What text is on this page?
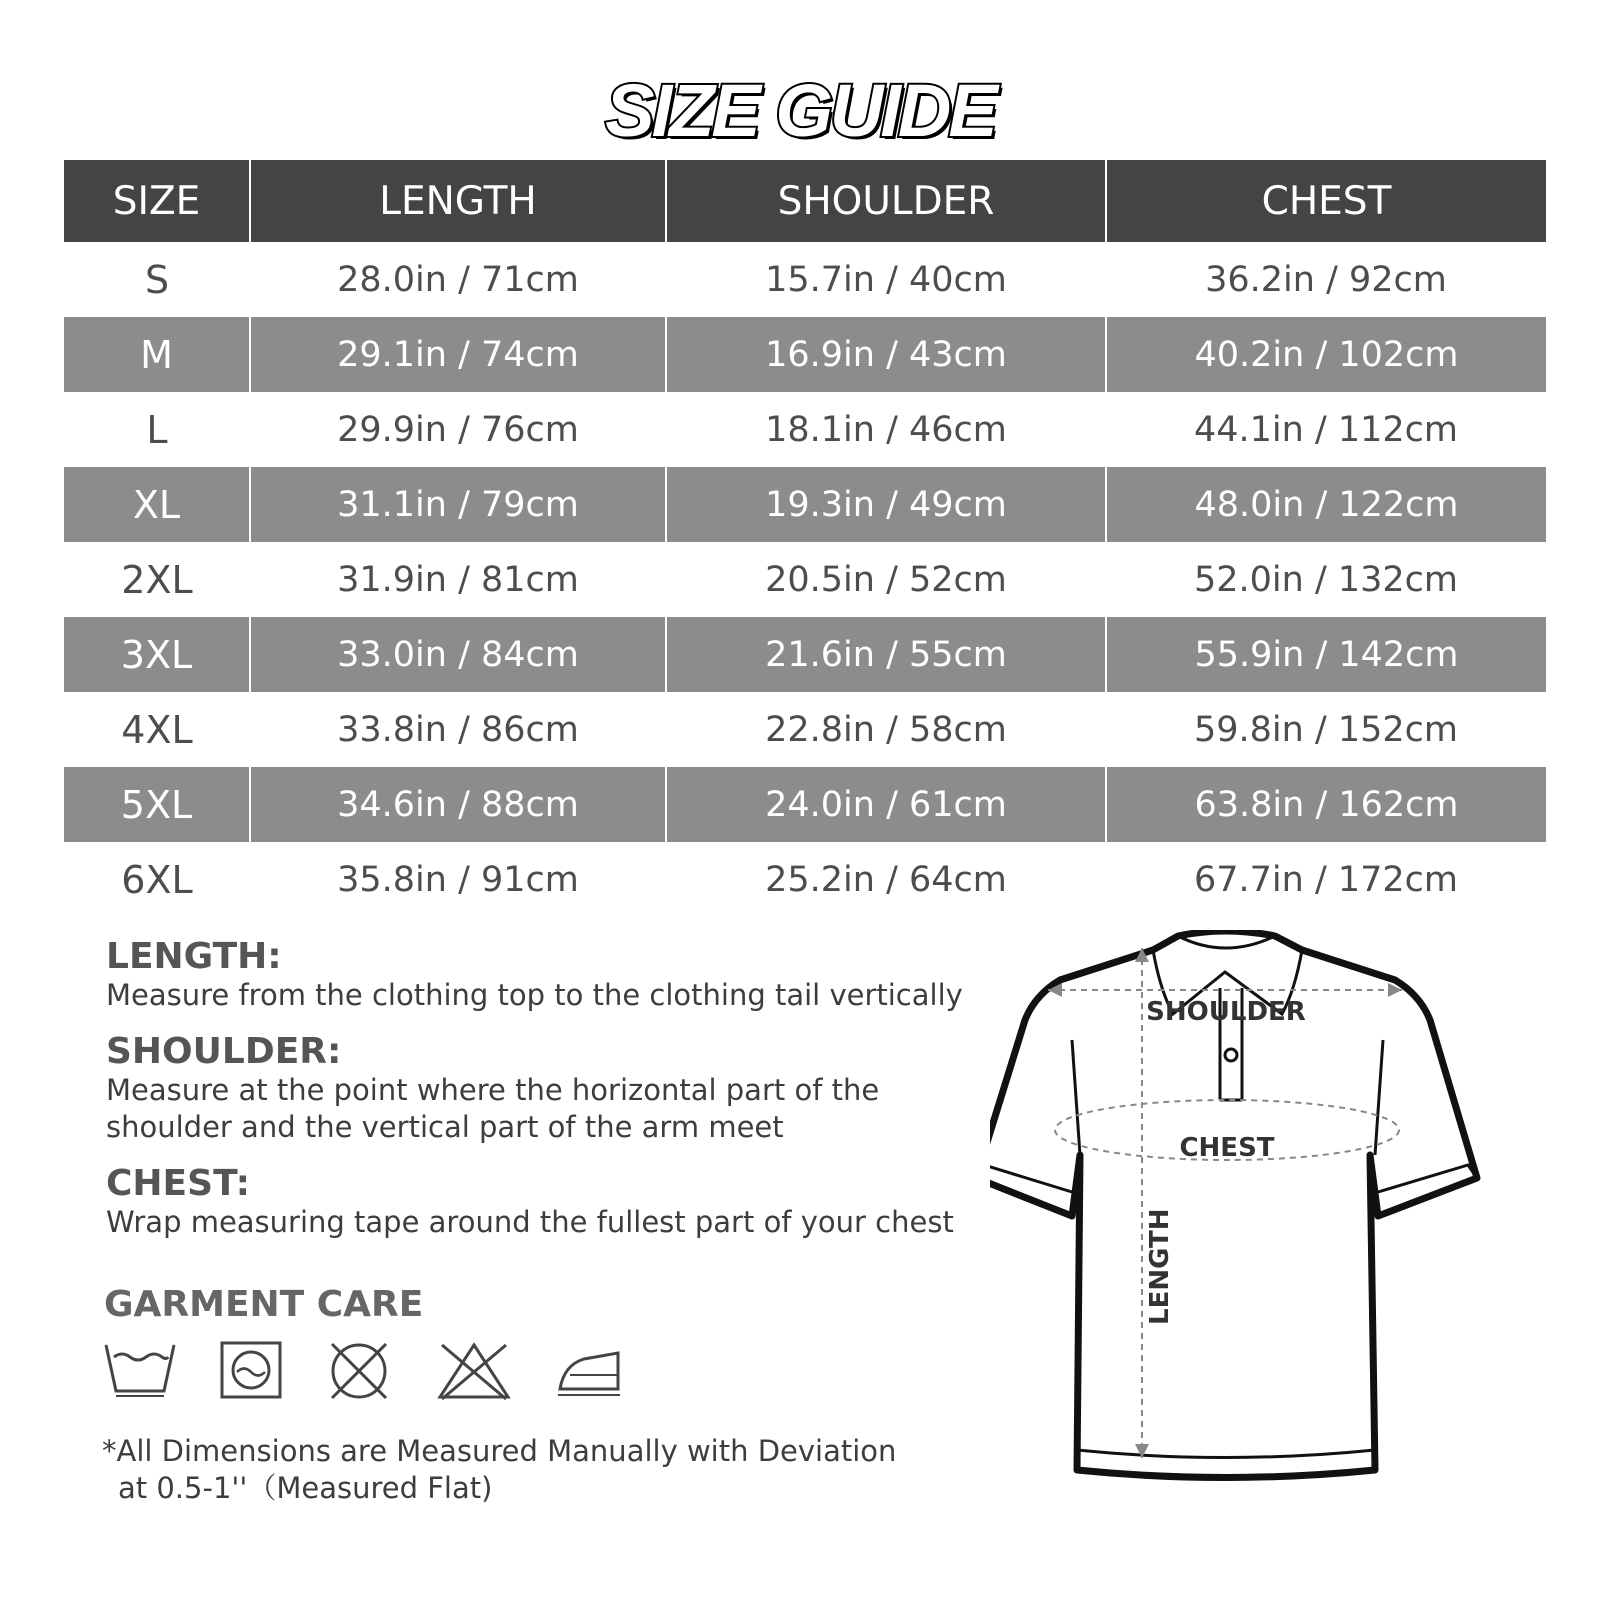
SIZE GUIDE
SIZE	LENGTH	SHOULDER	CHEST
S	28.0in / 71cm	15.7in / 40cm	36.2in / 92cm
M	29.1in / 74cm	16.9in / 43cm	40.2in / 102cm
L	29.9in / 76cm	18.1in / 46cm	44.1in / 112cm
XL	31.1in / 79cm	19.3in / 49cm	48.0in / 122cm
2XL	31.9in / 81cm	20.5in / 52cm	52.0in / 132cm
3XL	33.0in / 84cm	21.6in / 55cm	55.9in / 142cm
4XL	33.8in / 86cm	22.8in / 58cm	59.8in / 152cm
5XL	34.6in / 88cm	24.0in / 61cm	63.8in / 162cm
6XL	35.8in / 91cm	25.2in / 64cm	67.7in / 172cm
LENGTH:

Measure from the clothing top to the clothing tail vertically

SHOULDER:

Measure at the point where the horizontal part of the
shoulder and the vertical part of the arm meet

CHEST:

Wrap measuring tape around the fullest part of your chest

GARMENT CARE
*All Dimensions are Measured Manually with Deviation
at 0.5-1''（Measured Flat)
SHOULDER
CHEST
LENGTH
